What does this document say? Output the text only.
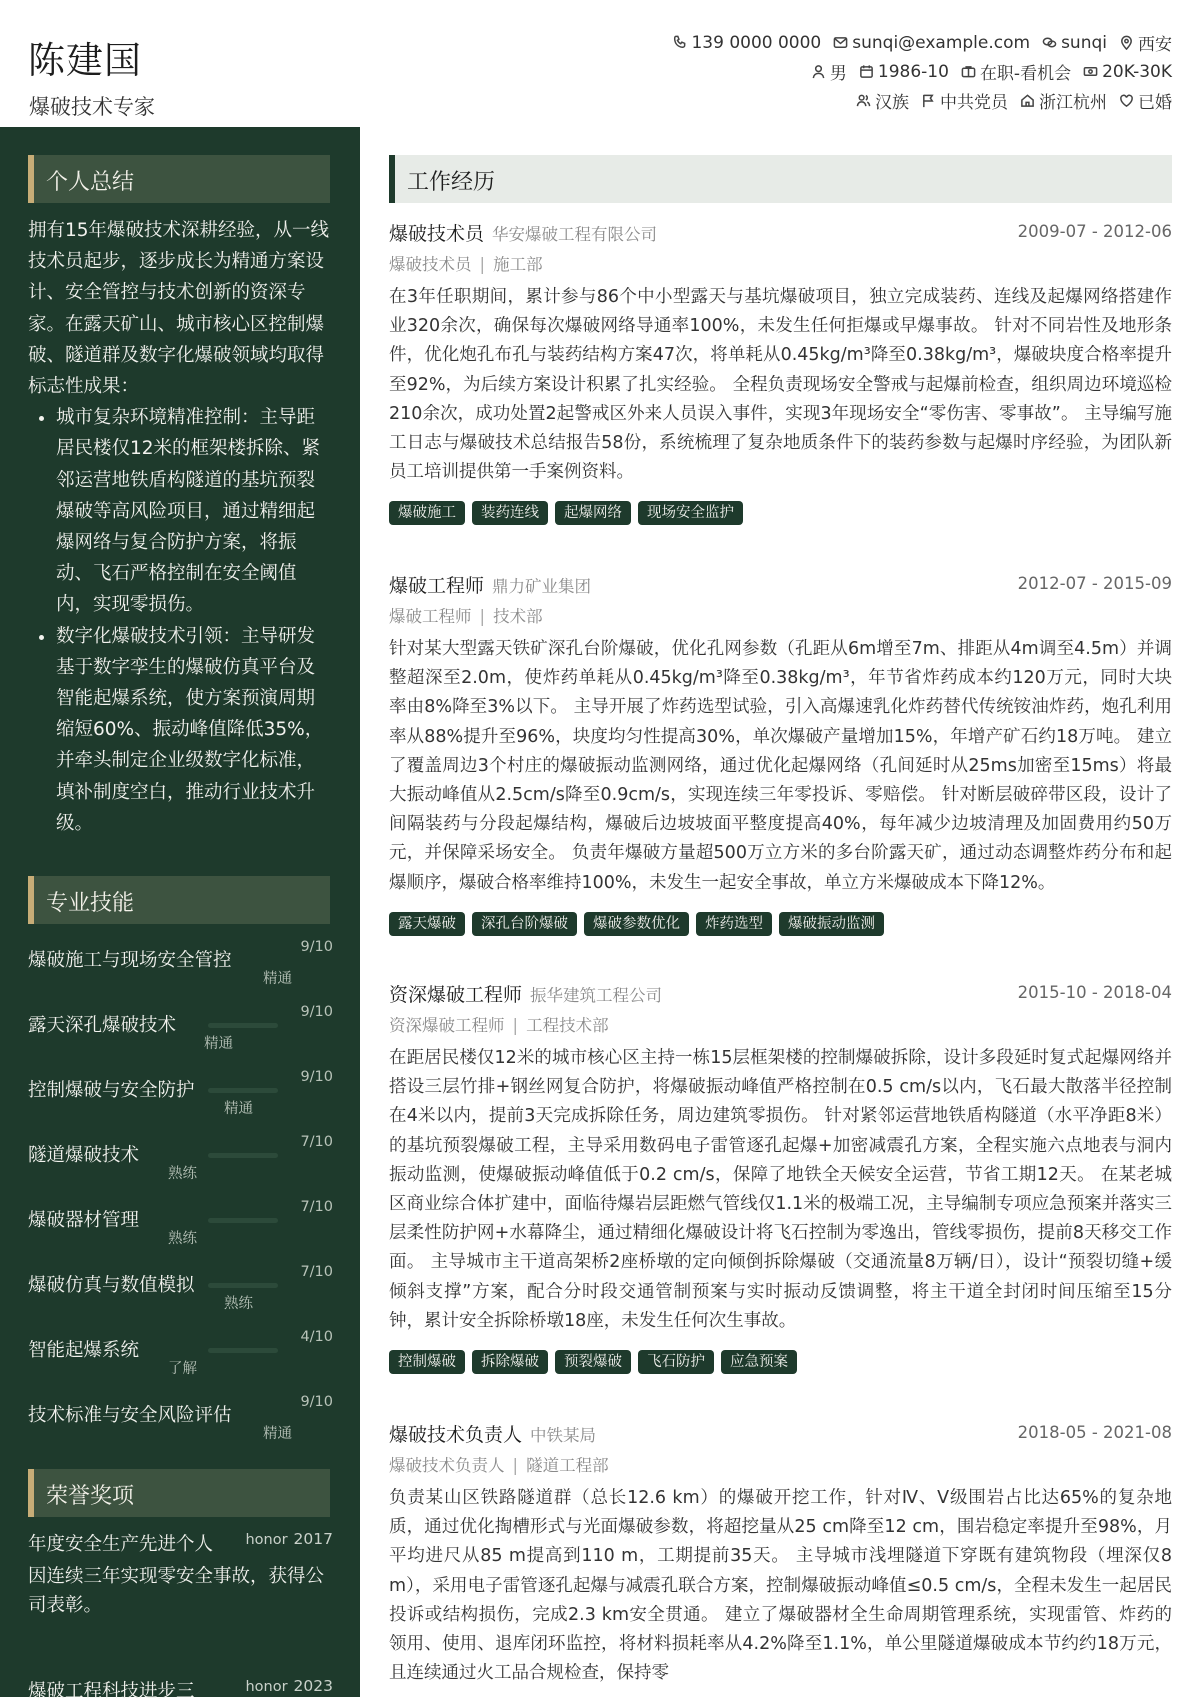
陈建国
爆破技术专家
139 0000 0000 sunqi@example.com sunqi 西安
男 1986-10 在职-看机会 20K-30K
汉族 中共党员 浙江杭州 已婚
个人总结
拥有15年爆破技术深耕经验，从一线技术员起步，逐步成长为精通方案设计、安全管控与技术创新的资深专家。在露天矿山、城市核心区控制爆破、隧道群及数字化爆破领域均取得标志性成果：
• 城市复杂环境精准控制：主导距居民楼仅12米的框架楼拆除、紧邻运营地铁盾构隧道的基坑预裂爆破等高风险项目，通过精细起爆网络与复合防护方案，将振动、飞石严格控制在安全阈值内，实现零损伤。
• 数字化爆破技术引领：主导研发基于数字孪生的爆破仿真平台及智能起爆系统，使方案预演周期缩短60%、振动峰值降低35%，并牵头制定企业级数字化标准，填补制度空白，推动行业技术升级。
专业技能
爆破施工与现场安全管控
9/10
精通
露天深孔爆破技术
9/10
精通
控制爆破与安全防护
9/10
精通
隧道爆破技术
7/10
熟练
爆破器材管理
7/10
熟练
爆破仿真与数值模拟
7/10
熟练
智能起爆系统
4/10
了解
技术标准与安全风险评估
9/10
精通
荣誉奖项
年度安全生产先进个人 honor 2017
因连续三年实现零安全事故，获得公司表彰。
爆破工程科技进步三	honor 2023
工作经历
爆破技术员 华安爆破工程有限公司	2009-07 - 2012-06
爆破技术员 | 施工部
在3年任职期间，累计参与86个中小型露天与基坑爆破项目，独立完成装药、连线及起爆网络搭建作业320余次，确保每次爆破网络导通率100%，未发生任何拒爆或早爆事故。 针对不同岩性及地形条件，优化炮孔布孔与装药结构方案47次，将单耗从0.45kg/m³降至0.38kg/m³，爆破块度合格率提升至92%，为后续方案设计积累了扎实经验。 全程负责现场安全警戒与起爆前检查，组织周边环境巡检210余次，成功处置2起警戒区外来人员误入事件，实现3年现场安全“零伤害、零事故”。 主导编写施工日志与爆破技术总结报告58份，系统梳理了复杂地质条件下的装药参数与起爆时序经验，为团队新员工培训提供第一手案例资料。
爆破施工	装药连线	起爆网络	现场安全监护
爆破工程师 鼎力矿业集团	2012-07 - 2015-09
爆破工程师 | 技术部
针对某大型露天铁矿深孔台阶爆破，优化孔网参数（孔距从6m增至7m、排距从4m调至4.5m）并调整超深至2.0m，使炸药单耗从0.45kg/m³降至0.38kg/m³，年节省炸药成本约120万元，同时大块率由8%降至3%以下。 主导开展了炸药选型试验，引入高爆速乳化炸药替代传统铵油炸药，炮孔利用率从88%提升至96%，块度均匀性提高30%，单次爆破产量增加15%，年增产矿石约18万吨。 建立了覆盖周边3个村庄的爆破振动监测网络，通过优化起爆网络（孔间延时从25ms加密至15ms）将最大振动峰值从2.5cm/s降至0.9cm/s，实现连续三年零投诉、零赔偿。 针对断层破碎带区段，设计了间隔装药与分段起爆结构，爆破后边坡坡面平整度提高40%，每年减少边坡清理及加固费用约50万元，并保障采场安全。 负责年爆破方量超500万立方米的多台阶露天矿，通过动态调整炸药分布和起爆顺序，爆破合格率维持100%，未发生一起安全事故，单立方米爆破成本下降12%。
露天爆破	深孔台阶爆破	爆破参数优化	炸药选型	爆破振动监测
资深爆破工程师 振华建筑工程公司	2015-10 - 2018-04
资深爆破工程师 | 工程技术部
在距居民楼仅12米的城市核心区主持一栋15层框架楼的控制爆破拆除，设计多段延时复式起爆网络并搭设三层竹排+钢丝网复合防护，将爆破振动峰值严格控制在0.5 cm/s以内，飞石最大散落半径控制在4米以内，提前3天完成拆除任务，周边建筑零损伤。 针对紧邻运营地铁盾构隧道（水平净距8米）的基坑预裂爆破工程，主导采用数码电子雷管逐孔起爆+加密减震孔方案，全程实施六点地表与洞内振动监测，使爆破振动峰值低于0.2 cm/s，保障了地铁全天候安全运营，节省工期12天。 在某老城区商业综合体扩建中，面临待爆岩层距燃气管线仅1.1米的极端工况，主导编制专项应急预案并落实三层柔性防护网+水幕降尘，通过精细化爆破设计将飞石控制为零逸出，管线零损伤，提前8天移交工作面。 主导城市主干道高架桥2座桥墩的定向倾倒拆除爆破（交通流量8万辆/日），设计“预裂切缝+缓倾斜支撑”方案，配合分时段交通管制预案与实时振动反馈调整，将主干道全封闭时间压缩至15分钟，累计安全拆除桥墩18座，未发生任何次生事故。
控制爆破	拆除爆破	预裂爆破	飞石防护	应急预案
爆破技术负责人 中铁某局	2018-05 - 2021-08
爆破技术负责人 | 隧道工程部
负责某山区铁路隧道群（总长12.6 km）的爆破开挖工作，针对Ⅳ、Ⅴ级围岩占比达65%的复杂地质，通过优化掏槽形式与光面爆破参数，将超挖量从25 cm降至12 cm，围岩稳定率提升至98%，月平均进尺从85 m提高到110 m，工期提前35天。 主导城市浅埋隧道下穿既有建筑物段（埋深仅8 m），采用电子雷管逐孔起爆与减震孔联合方案，控制爆破振动峰值≤0.5 cm/s，全程未发生一起居民投诉或结构损伤，完成2.3 km安全贯通。 建立了爆破器材全生命周期管理系统，实现雷管、炸药的领用、使用、退库闭环监控，将材料损耗率从4.2%降至1.1%，单公里隧道爆破成本节约约18万元，且连续通过火工品合规检查，保持零
